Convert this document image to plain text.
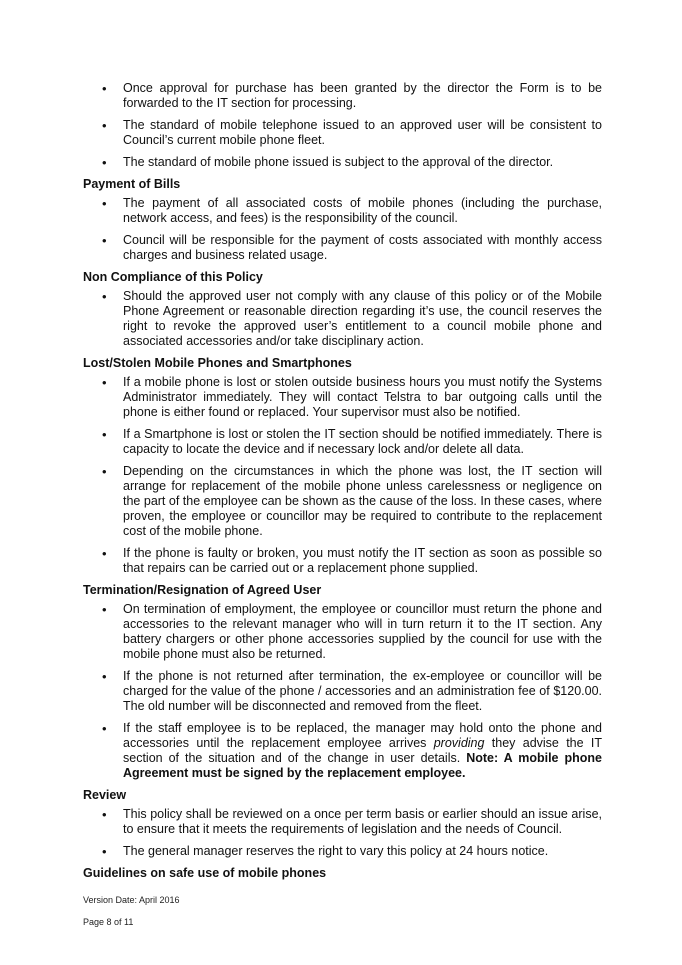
• Once approval for purchase has been granted by the director the Form is to be forwarded to the IT section for processing.
• The standard of mobile telephone issued to an approved user will be consistent to Council’s current mobile phone fleet.
• The standard of mobile phone issued is subject to the approval of the director.
Payment of Bills
• The payment of all associated costs of mobile phones (including the purchase, network access, and fees) is the responsibility of the council.
• Council will be responsible for the payment of costs associated with monthly access charges and business related usage.
Non Compliance of this Policy
• Should the approved user not comply with any clause of this policy or of the Mobile Phone Agreement or reasonable direction regarding it’s use, the council reserves the right to revoke the approved user’s entitlement to a council mobile phone and associated accessories and/or take disciplinary action.
Lost/Stolen Mobile Phones and Smartphones
• If a mobile phone is lost or stolen outside business hours you must notify the Systems Administrator immediately. They will contact Telstra to bar outgoing calls until the phone is either found or replaced. Your supervisor must also be notified.
• If a Smartphone is lost or stolen the IT section should be notified immediately. There is capacity to locate the device and if necessary lock and/or delete all data.
• Depending on the circumstances in which the phone was lost, the IT section will arrange for replacement of the mobile phone unless carelessness or negligence on the part of the employee can be shown as the cause of the loss. In these cases, where proven, the employee or councillor may be required to contribute to the replacement cost of the mobile phone.
• If the phone is faulty or broken, you must notify the IT section as soon as possible so that repairs can be carried out or a replacement phone supplied.
Termination/Resignation of Agreed User
• On termination of employment, the employee or councillor must return the phone and accessories to the relevant manager who will in turn return it to the IT section. Any battery chargers or other phone accessories supplied by the council for use with the mobile phone must also be returned.
• If the phone is not returned after termination, the ex-employee or councillor will be charged for the value of the phone / accessories and an administration fee of $120.00. The old number will be disconnected and removed from the fleet.
• If the staff employee is to be replaced, the manager may hold onto the phone and accessories until the replacement employee arrives providing they advise the IT section of the situation and of the change in user details. Note: A mobile phone Agreement must be signed by the replacement employee.
Review
• This policy shall be reviewed on a once per term basis or earlier should an issue arise, to ensure that it meets the requirements of legislation and the needs of Council.
• The general manager reserves the right to vary this policy at 24 hours notice.
Guidelines on safe use of mobile phones
Version Date: April 2016
Page 8 of 11
